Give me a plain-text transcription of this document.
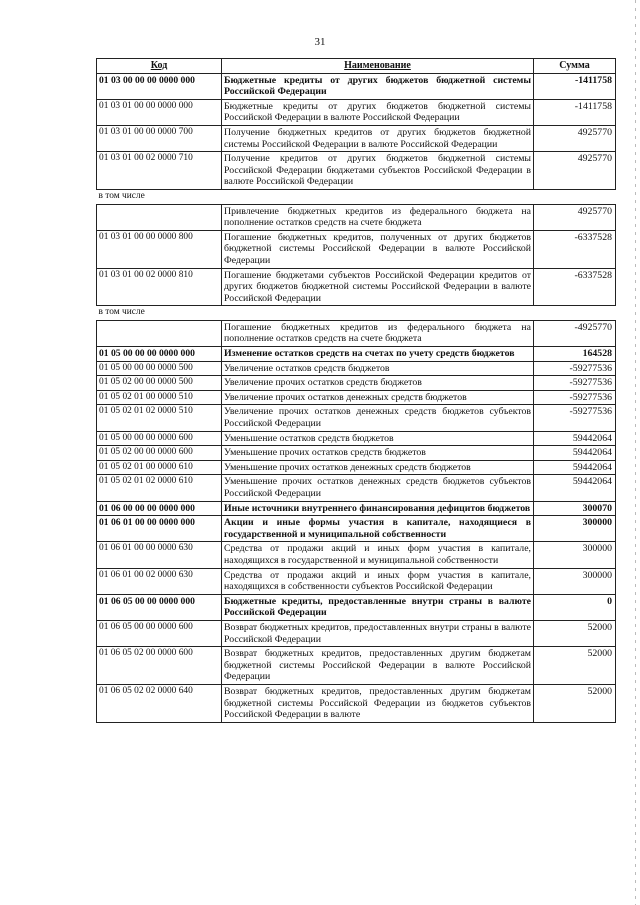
31
Код	Наименование	Сумма
01 03 00 00 00 0000 000	Бюджетные кредиты от других бюджетов бюджетной системы Российской Федерации	-1411758
01 03 01 00 00 0000 000	Бюджетные кредиты от других бюджетов бюджетной системы Российской Федерации в валюте Российской Федерации	-1411758
01 03 01 00 00 0000 700	Получение бюджетных кредитов от других бюджетов бюджетной системы Российской Федерации в валюте Российской Федерации	4925770
01 03 01 00 02 0000 710	Получение кредитов от других бюджетов бюджетной системы Российской Федерации бюджетами субъектов Российской Федерации в валюте Российской Федерации	4925770
в том числе		
	Привлечение бюджетных кредитов из федерального бюджета на пополнение остатков средств на счете бюджета	4925770
01 03 01 00 00 0000 800	Погашение бюджетных кредитов, полученных от других бюджетов бюджетной системы Российской Федерации в валюте Российской Федерации	-6337528
01 03 01 00 02 0000 810	Погашение бюджетами субъектов Российской Федерации кредитов от других бюджетов бюджетной системы Российской Федерации в валюте Российской Федерации	-6337528
в том числе		
	Погашение бюджетных кредитов из федерального бюджета на пополнение остатков средств на счете бюджета	-4925770
01 05 00 00 00 0000 000	Изменение остатков средств на счетах по учету средств бюджетов	164528
01 05 00 00 00 0000 500	Увеличение остатков средств бюджетов	-59277536
01 05 02 00 00 0000 500	Увеличение прочих остатков средств бюджетов	-59277536
01 05 02 01 00 0000 510	Увеличение прочих остатков денежных средств бюджетов	-59277536
01 05 02 01 02 0000 510	Увеличение прочих остатков денежных средств бюджетов субъектов Российской Федерации	-59277536
01 05 00 00 00 0000 600	Уменьшение остатков средств бюджетов	59442064
01 05 02 00 00 0000 600	Уменьшение прочих остатков средств бюджетов	59442064
01 05 02 01 00 0000 610	Уменьшение прочих остатков денежных средств бюджетов	59442064
01 05 02 01 02 0000 610	Уменьшение прочих остатков денежных средств бюджетов субъектов Российской Федерации	59442064
01 06 00 00 00 0000 000	Иные источники внутреннего финансирования дефицитов бюджетов	300070
01 06 01 00 00 0000 000	Акции и иные формы участия в капитале, находящиеся в государственной и муниципальной собственности	300000
01 06 01 00 00 0000 630	Средства от продажи акций и иных форм участия в капитале, находящихся в государственной и муниципальной собственности	300000
01 06 01 00 02 0000 630	Средства от продажи акций и иных форм участия в капитале, находящихся в собственности субъектов Российской Федерации	300000
01 06 05 00 00 0000 000	Бюджетные кредиты, предоставленные внутри страны в валюте Российской Федерации	0
01 06 05 00 00 0000 600	Возврат бюджетных кредитов, предоставленных внутри страны в валюте Российской Федерации	52000
01 06 05 02 00 0000 600	Возврат бюджетных кредитов, предоставленных другим бюджетам бюджетной системы Российской Федерации в валюте Российской Федерации	52000
01 06 05 02 02 0000 640	Возврат бюджетных кредитов, предоставленных другим бюджетам бюджетной системы Российской Федерации из бюджетов субъектов Российской Федерации в валюте	52000
